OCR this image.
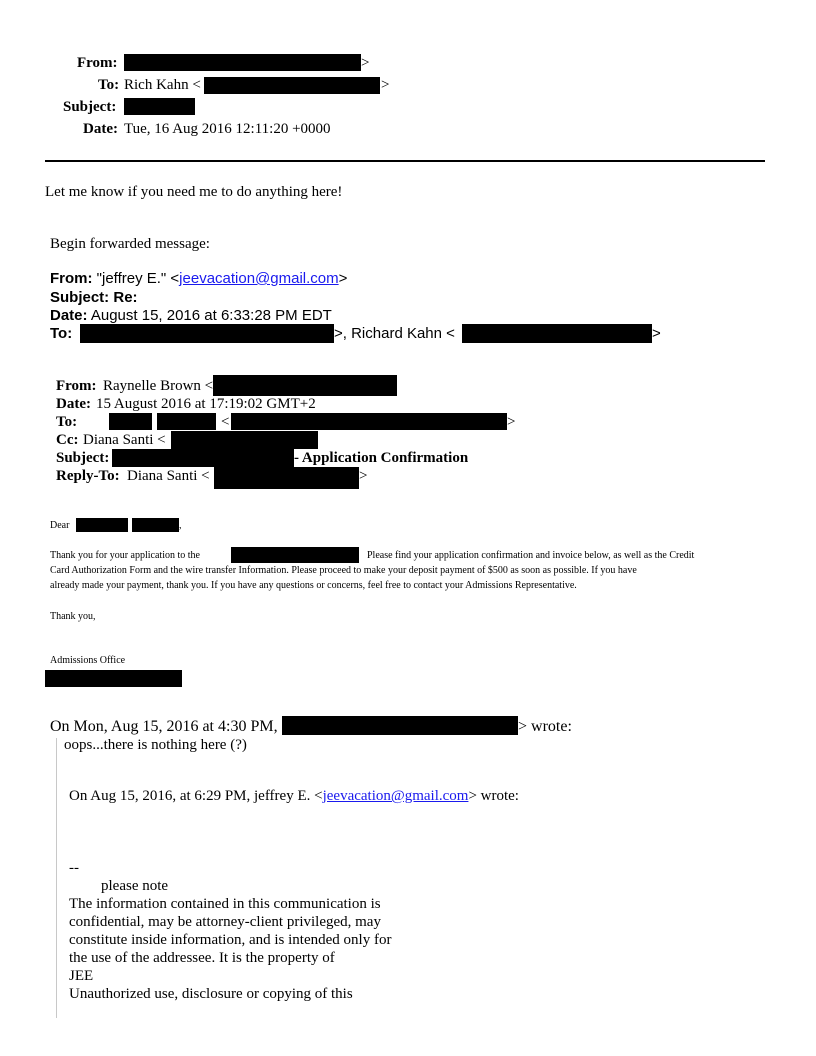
From:	>
To: Rich Kahn <	>
Subject:
Date: Tue, 16 Aug 2016 12:11:20 +0000
Let me know if you need me to do anything here!
Begin forwarded message:
From: "jeffrey E." <jeevacation@gmail.com>
Subject: Re:
Date: August 15, 2016 at 6:33:28 PM EDT
To:	>, Richard Kahn <	>
From: Raynelle Brown <
Date: 15 August 2016 at 17:19:02 GMT+2
To:	<	>
Cc: Diana Santi <
Subject:	- Application Confirmation
Reply-To: Diana Santi <	>
Dear	,
Thank you for your application to the	Please find your application confirmation and invoice below, as well as the Credit
Card Authorization Form and the wire transfer Information. Please proceed to make your deposit payment of $500 as soon as possible. If you have
already made your payment, thank you. If you have any questions or concerns, feel free to contact your Admissions Representative.
Thank you,
Admissions Office
On Mon, Aug 15, 2016 at 4:30 PM,	> wrote:
oops...there is nothing here (?)
On Aug 15, 2016, at 6:29 PM, jeffrey E. <jeevacation@gmail.com> wrote:
--
please note
The information contained in this communication is
confidential, may be attorney-client privileged, may
constitute inside information, and is intended only for
the use of the addressee. It is the property of
JEE
Unauthorized use, disclosure or copying of this
